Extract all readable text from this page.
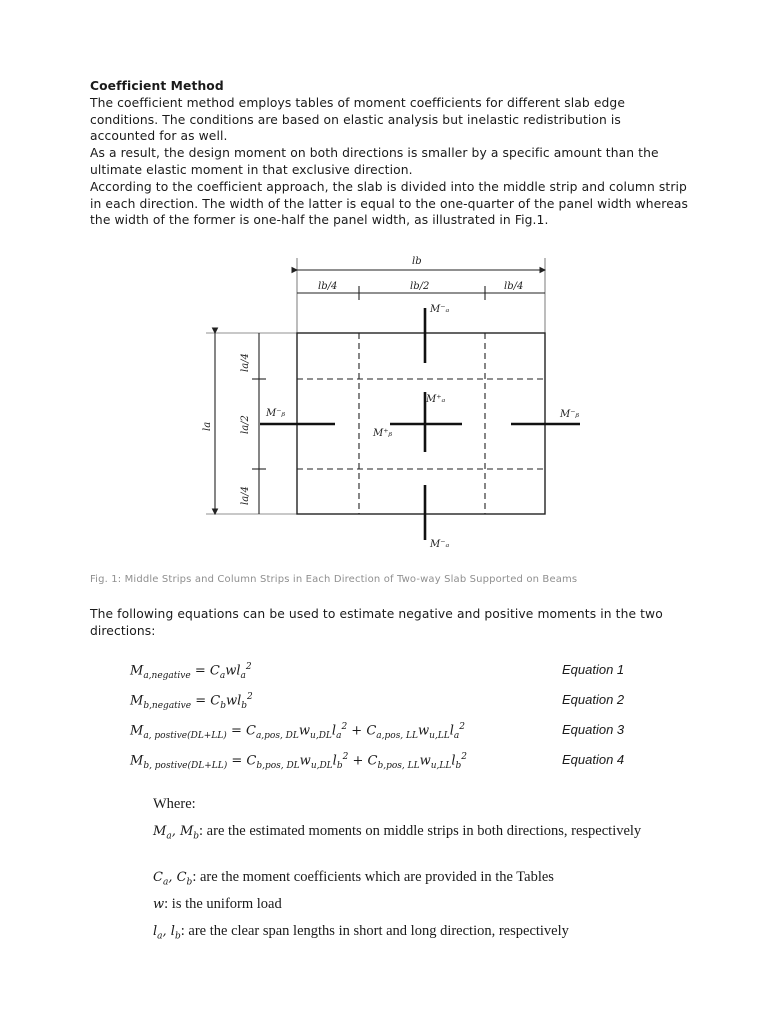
Coefficient Method
The coefficient method employs tables of moment coefficients for different slab edge conditions. The conditions are based on elastic analysis but inelastic redistribution is accounted for as well.
As a result, the design moment on both directions is smaller by a specific amount than the ultimate elastic moment in that exclusive direction.
According to the coefficient approach, the slab is divided into the middle strip and column strip in each direction. The width of the latter is equal to the one-quarter of the panel width whereas the width of the former is one-half the panel width, as illustrated in Fig.1.
lb
lb/4	lb/2	lb/4
M⁻ₐ
M⁻ₐ
M⁻ᵦ	M⁻ᵦ
M⁺ₐ
M⁺ᵦ
la
la/4
la/2
la/4
Fig. 1: Middle Strips and Column Strips in Each Direction of Two-way Slab Supported on Beams
The following equations can be used to estimate negative and positive moments in the two directions:
$M_{a,negative} = C_awl_a^2$	Equation 1
$M_{b,negative} = C_bwl_b^2$	Equation 2
$M_{a, postive(DL+LL)} = C_{a,pos, DL}w_{u,DL}l_a^2 + C_{a,pos, LL}w_{u,LL}l_a^2$	Equation 3
$M_{b, postive(DL+LL)} = C_{b,pos, DL}w_{u,DL}l_b^2 + C_{b,pos, LL}w_{u,LL}l_b^2$	Equation 4
Where:
$M_a$, $M_b$: are the estimated moments on middle strips in both directions, respectively
$C_a$, $C_b$: are the moment coefficients which are provided in the Tables
w: is the uniform load
$l_a$, $l_b$: are the clear span lengths in short and long direction, respectively
